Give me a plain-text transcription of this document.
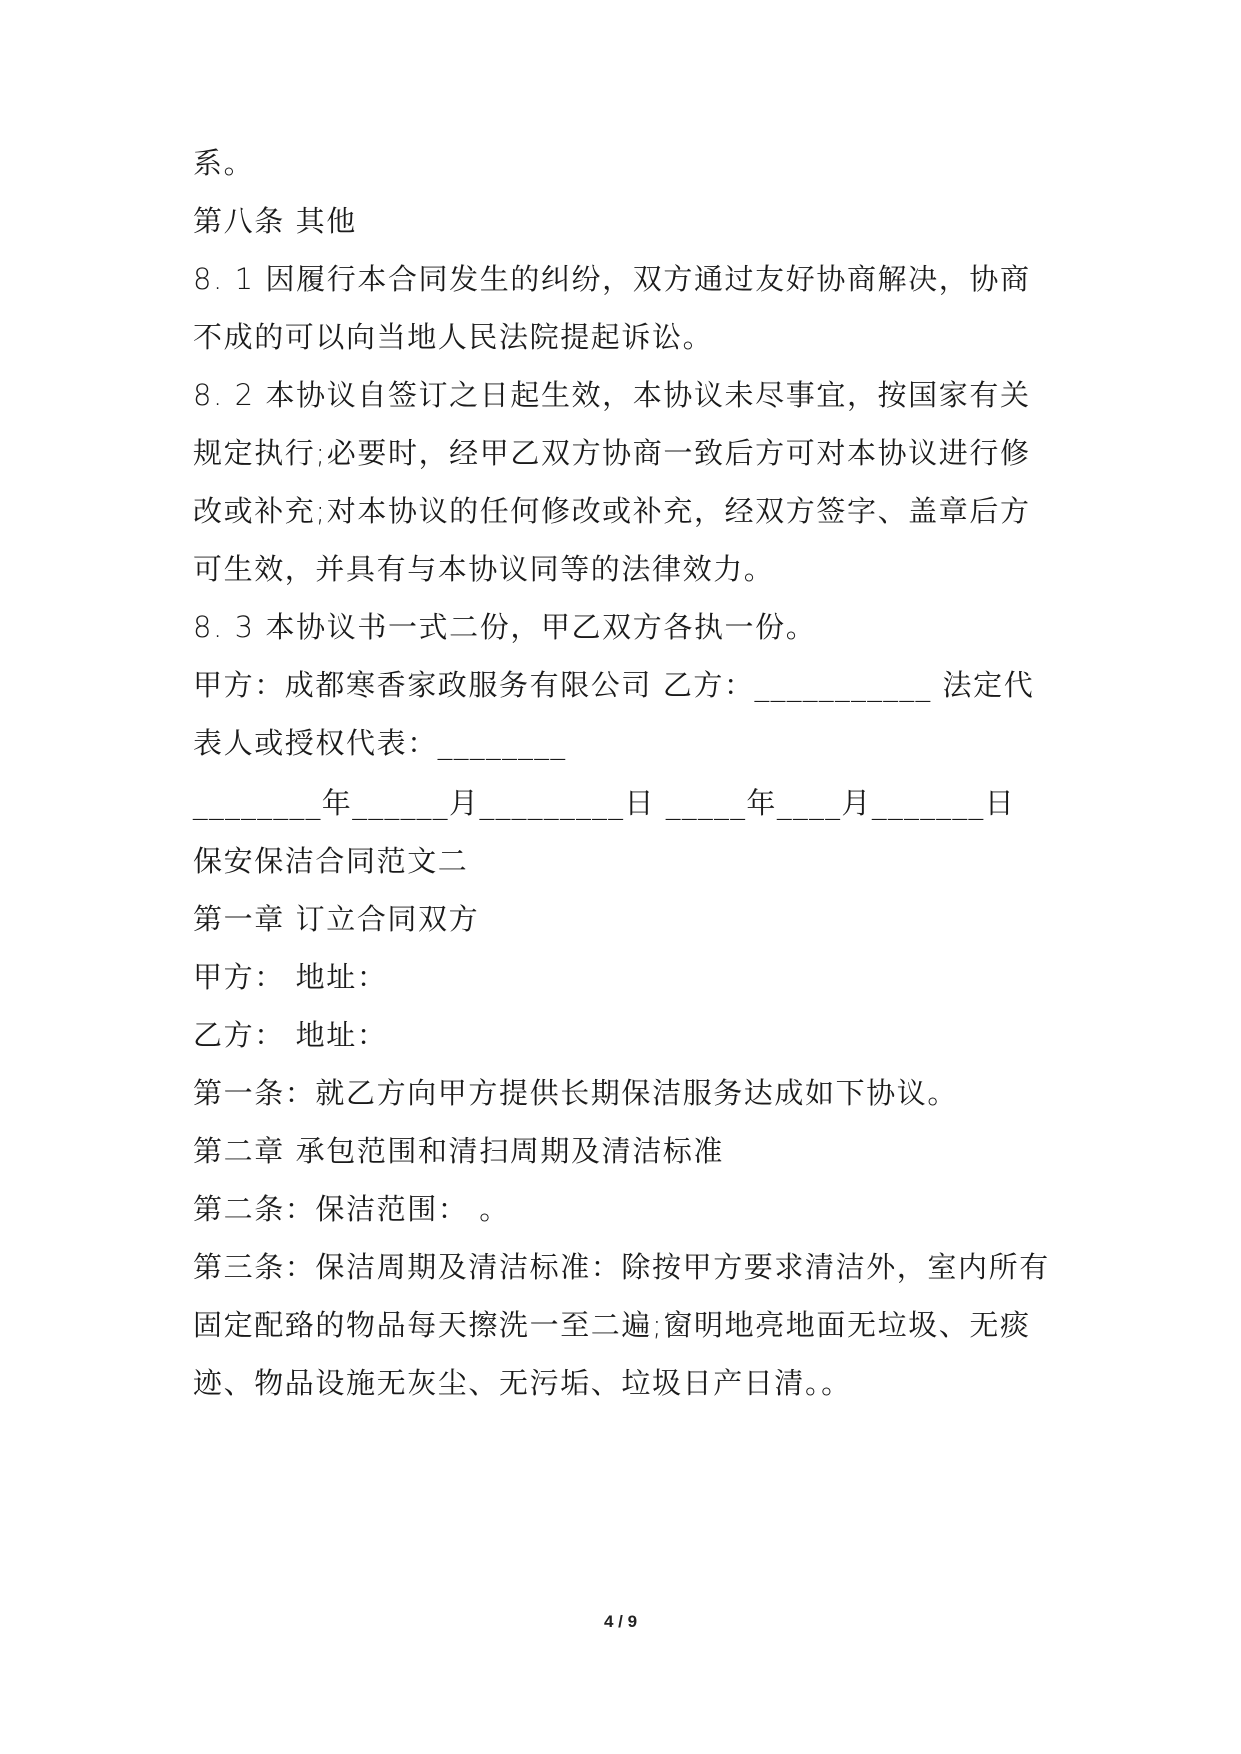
系。
第八条 其他
8. 1 因履行本合同发生的纠纷，双方通过友好协商解决，协商
不成的可以向当地人民法院提起诉讼。
8. 2 本协议自签订之日起生效，本协议未尽事宜，按国家有关
规定执行;必要时，经甲乙双方协商一致后方可对本协议进行修
改或补充;对本协议的任何修改或补充，经双方签字、盖章后方
可生效，并具有与本协议同等的法律效力。
8. 3 本协议书一式二份，甲乙双方各执一份。
甲方：成都寒香家政服务有限公司 乙方：___________ 法定代
表人或授权代表：________
________年______月_________日 _____年____月_______日
保安保洁合同范文二
第一章 订立合同双方
甲方： 地址：
乙方： 地址：
第一条：就乙方向甲方提供长期保洁服务达成如下协议。
第二章 承包范围和清扫周期及清洁标准
第二条：保洁范围： 。
第三条：保洁周期及清洁标准：除按甲方要求清洁外，室内所有
固定配臵的物品每天擦洗一至二遍;窗明地亮地面无垃圾、无痰
迹、物品设施无灰尘、无污垢、垃圾日产日清。。
4 / 9
